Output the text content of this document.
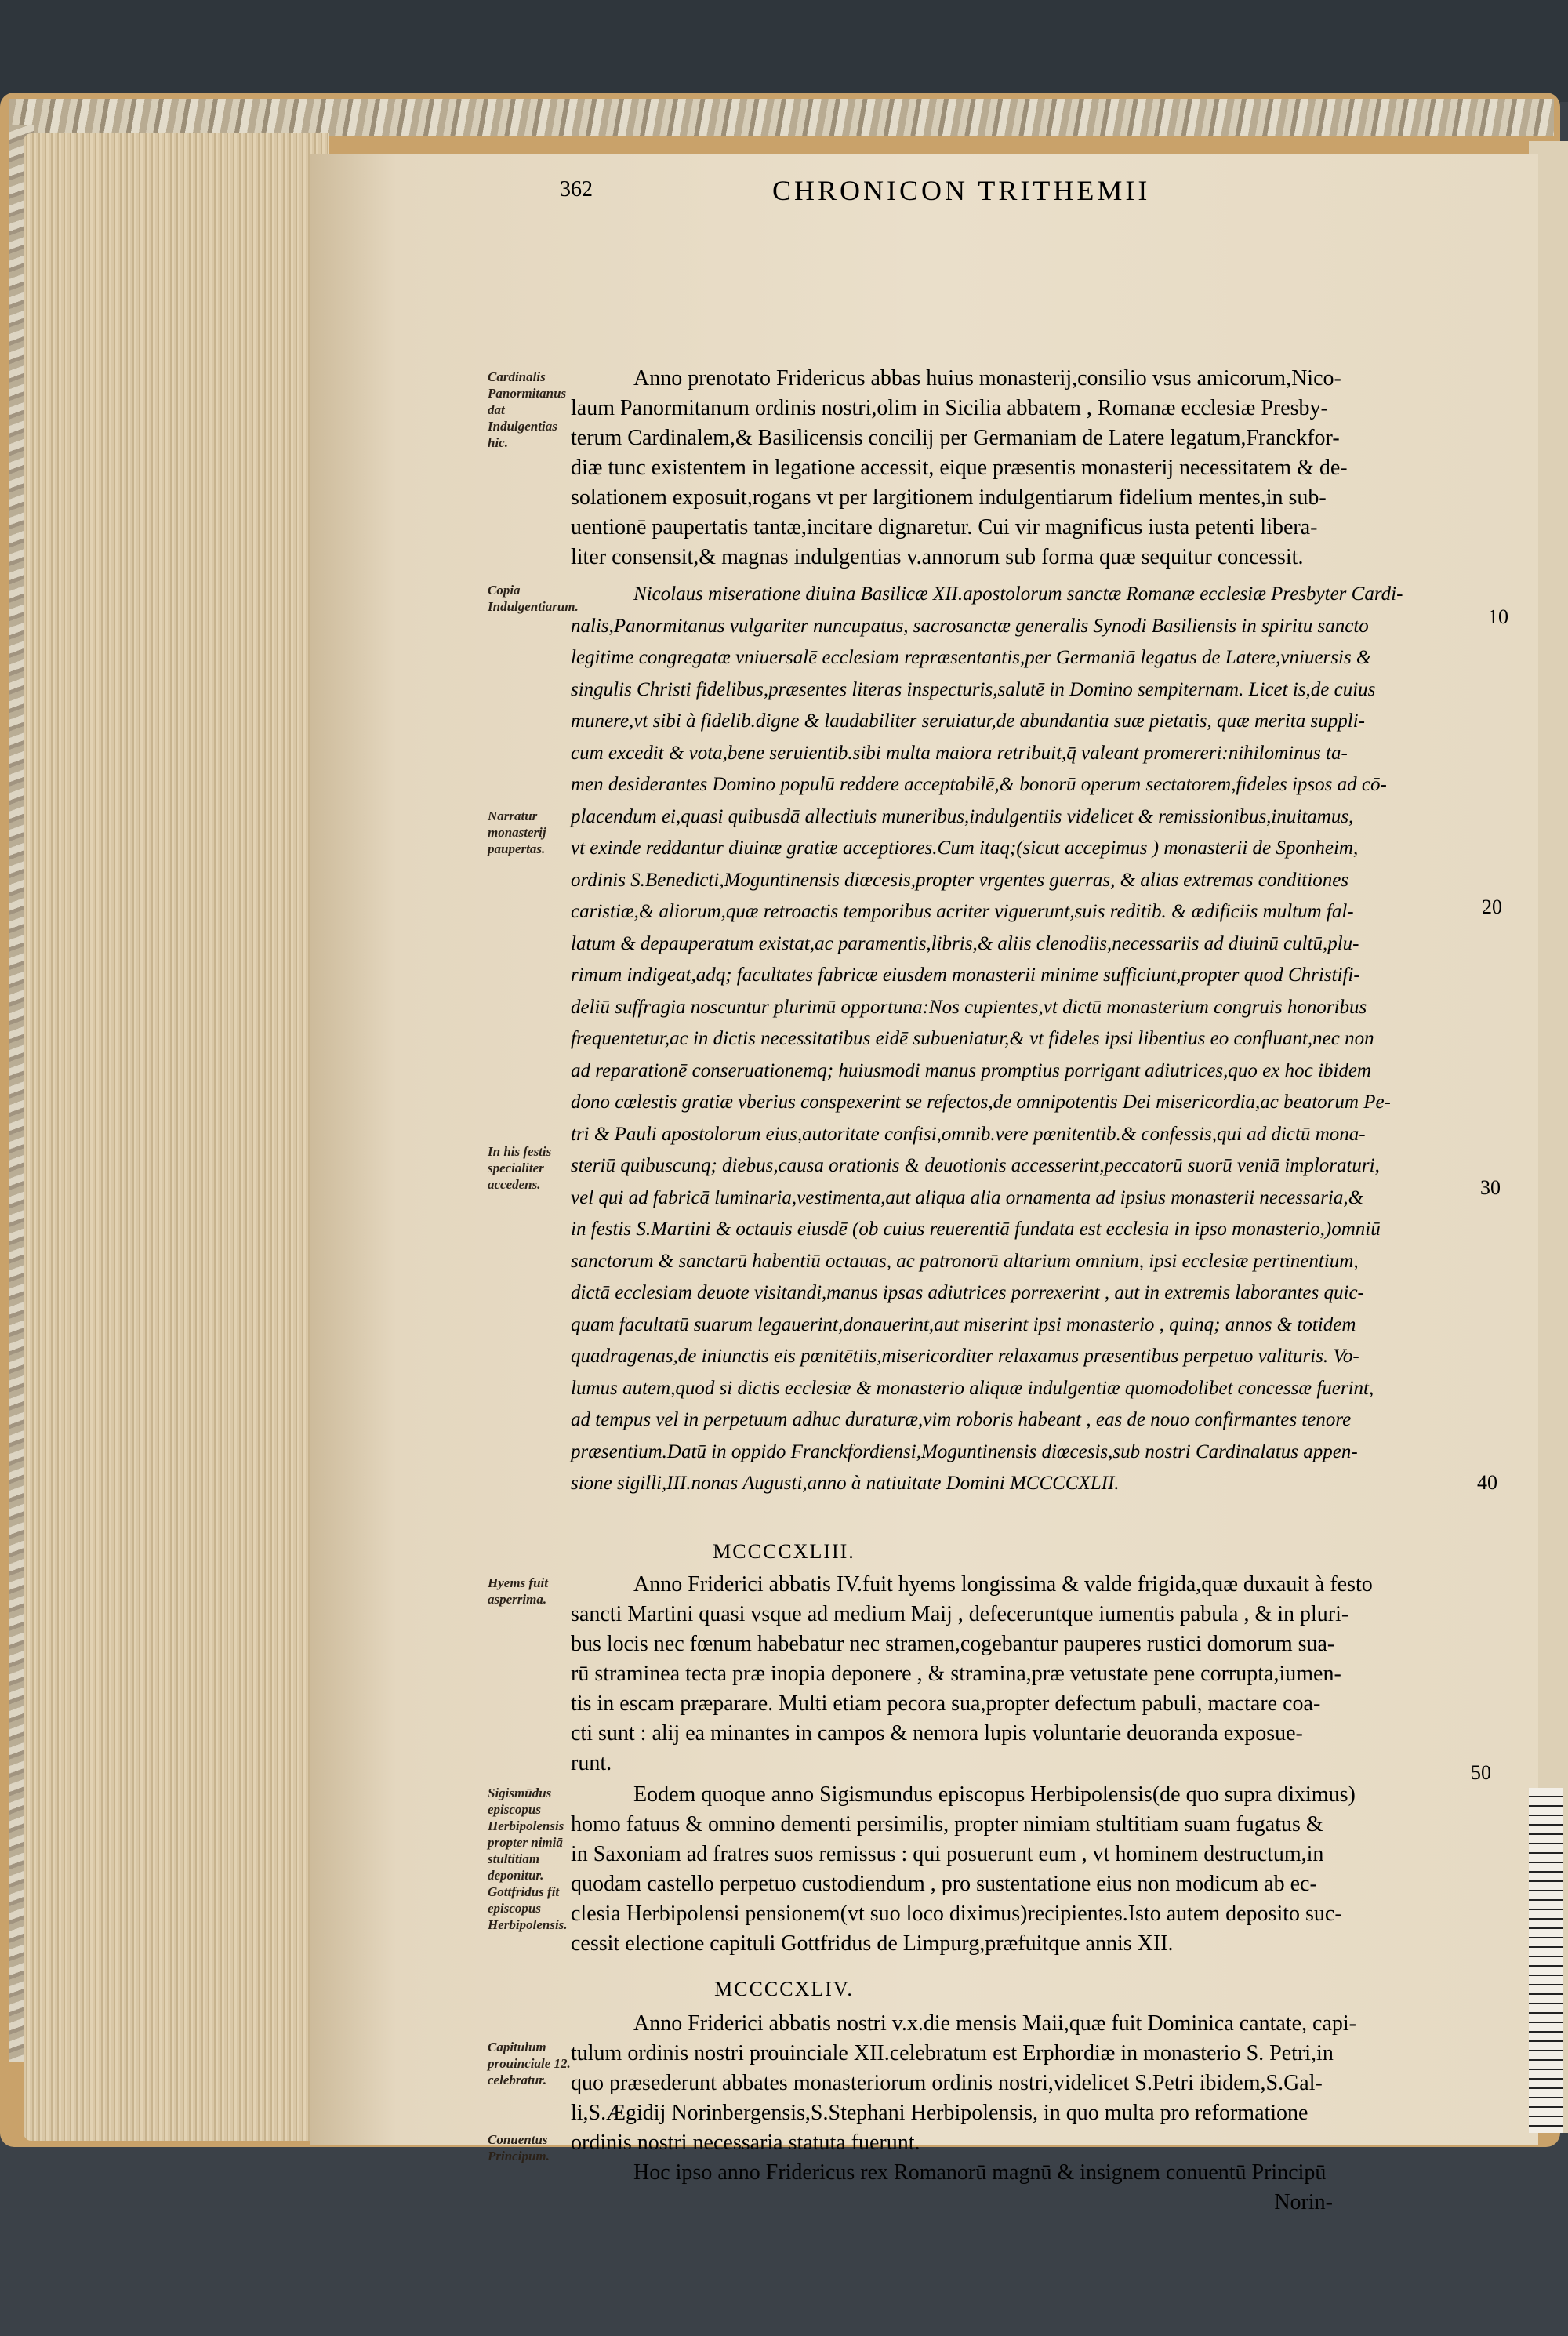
362	CHRONICON TRITHEMII
Anno prenotato Fridericus abbas huius monasterij,consilio vsus amicorum,Nico-
laum Panormitanum ordinis nostri,olim in Sicilia abbatem , Romanæ ecclesiæ Presby-
terum Cardinalem,& Basilicensis concilij per Germaniam de Latere legatum,Franckfor-
diæ tunc existentem in legatione accessit, eique præsentis monasterij necessitatem & de-
solationem exposuit,rogans vt per largitionem indulgentiarum fidelium mentes,in sub-
uentionē paupertatis tantæ,incitare dignaretur. Cui vir magnificus iusta petenti libera-
liter consensit,& magnas indulgentias v.annorum sub forma quæ sequitur concessit.
Nicolaus miseratione diuina Basilicæ XII.apostolorum sanctæ Romanæ ecclesiæ Presbyter Cardi-
nalis,Panormitanus vulgariter nuncupatus, sacrosanctæ generalis Synodi Basiliensis in spiritu sancto
legitime congregatæ vniuersalē ecclesiam repræsentantis,per Germaniā legatus de Latere,vniuersis &
singulis Christi fidelibus,præsentes literas inspecturis,salutē in Domino sempiternam. Licet is,de cuius
munere,vt sibi à fidelib.digne & laudabiliter seruiatur,de abundantia suæ pietatis, quæ merita suppli-
cum excedit & vota,bene seruientib.sibi multa maiora retribuit,q̄ valeant promereri:nihilominus ta-
men desiderantes Domino populū reddere acceptabilē,& bonorū operum sectatorem,fideles ipsos ad cō-
placendum ei,quasi quibusdā allectiuis muneribus,indulgentiis videlicet & remissionibus,inuitamus,
vt exinde reddantur diuinæ gratiæ acceptiores.Cum itaq;(sicut accepimus ) monasterii de Sponheim,
ordinis S.Benedicti,Moguntinensis diœcesis,propter vrgentes guerras, & alias extremas conditiones
caristiæ,& aliorum,quæ retroactis temporibus acriter viguerunt,suis reditib. & ædificiis multum fal-
latum & depauperatum existat,ac paramentis,libris,& aliis clenodiis,necessariis ad diuinū cultū,plu-
rimum indigeat,adq; facultates fabricæ eiusdem monasterii minime sufficiunt,propter quod Christifi-
deliū suffragia noscuntur plurimū opportuna:Nos cupientes,vt dictū monasterium congruis honoribus
frequentetur,ac in dictis necessitatibus eidē subueniatur,& vt fideles ipsi libentius eo confluant,nec non
ad reparationē conseruationemq; huiusmodi manus promptius porrigant adiutrices,quo ex hoc ibidem
dono cœlestis gratiæ vberius conspexerint se refectos,de omnipotentis Dei misericordia,ac beatorum Pe-
tri & Pauli apostolorum eius,autoritate confisi,omnib.vere pœnitentib.& confessis,qui ad dictū mona-
steriū quibuscunq; diebus,causa orationis & deuotionis accesserint,peccatorū suorū veniā imploraturi,
vel qui ad fabricā luminaria,vestimenta,aut aliqua alia ornamenta ad ipsius monasterii necessaria,&
in festis S.Martini & octauis eiusdē (ob cuius reuerentiā fundata est ecclesia in ipso monasterio,)omniū
sanctorum & sanctarū habentiū octauas, ac patronorū altarium omnium, ipsi ecclesiæ pertinentium,
dictā ecclesiam deuote visitandi,manus ipsas adiutrices porrexerint , aut in extremis laborantes quic-
quam facultatū suarum legauerint,donauerint,aut miserint ipsi monasterio , quinq; annos & totidem
quadragenas,de iniunctis eis pœnitētiis,misericorditer relaxamus præsentibus perpetuo valituris. Vo-
lumus autem,quod si dictis ecclesiæ & monasterio aliquæ indulgentiæ quomodolibet concessæ fuerint,
ad tempus vel in perpetuum adhuc duraturæ,vim roboris habeant , eas de nouo confirmantes tenore
præsentium.Datū in oppido Franckfordiensi,Moguntinensis diœcesis,sub nostri Cardinalatus appen-
sione sigilli,III.nonas Augusti,anno à natiuitate Domini MCCCCXLII.
MCCCCXLIII.
Anno Friderici abbatis IV.fuit hyems longissima & valde frigida,quæ duxauit à festo
sancti Martini quasi vsque ad medium Maij , defeceruntque iumentis pabula , & in pluri-
bus locis nec fœnum habebatur nec stramen,cogebantur pauperes rustici domorum sua-
rū straminea tecta præ inopia deponere , & stramina,præ vetustate pene corrupta,iumen-
tis in escam præparare. Multi etiam pecora sua,propter defectum pabuli, mactare coa-
cti sunt : alij ea minantes in campos & nemora lupis voluntarie deuoranda exposue-
runt.
Eodem quoque anno Sigismundus episcopus Herbipolensis(de quo supra diximus)
homo fatuus & omnino dementi persimilis, propter nimiam stultitiam suam fugatus &
in Saxoniam ad fratres suos remissus : qui posuerunt eum , vt hominem destructum,in
quodam castello perpetuo custodiendum , pro sustentatione eius non modicum ab ec-
clesia Herbipolensi pensionem(vt suo loco diximus)recipientes.Isto autem deposito suc-
cessit electione capituli Gottfridus de Limpurg,præfuitque annis XII.
MCCCCXLIV.
Anno Friderici abbatis nostri v.x.die mensis Maii,quæ fuit Dominica cantate, capi-
tulum ordinis nostri prouinciale XII.celebratum est Erphordiæ in monasterio S. Petri,in
quo præsederunt abbates monasteriorum ordinis nostri,videlicet S.Petri ibidem,S.Gal-
li,S.Ægidij Norinbergensis,S.Stephani Herbipolensis, in quo multa pro reformatione
ordinis nostri necessaria statuta fuerunt.
Hoc ipso anno Fridericus rex Romanorū magnū & insignem conuentū Principū
Norin-
Cardinalis Panormitanus dat Indulgentias hic.
Copia Indulgentiarum.
Narratur monasterij paupertas.
In his festis specialiter accedens.
Hyems fuit asperrima.
Sigismūdus episcopus Herbipolensis propter nimiā stultitiam deponitur. Gottfridus fit episcopus Herbipolensis.
Capitulum prouinciale 12. celebratur.
Conuentus Principum.
10
20
30
40
50
